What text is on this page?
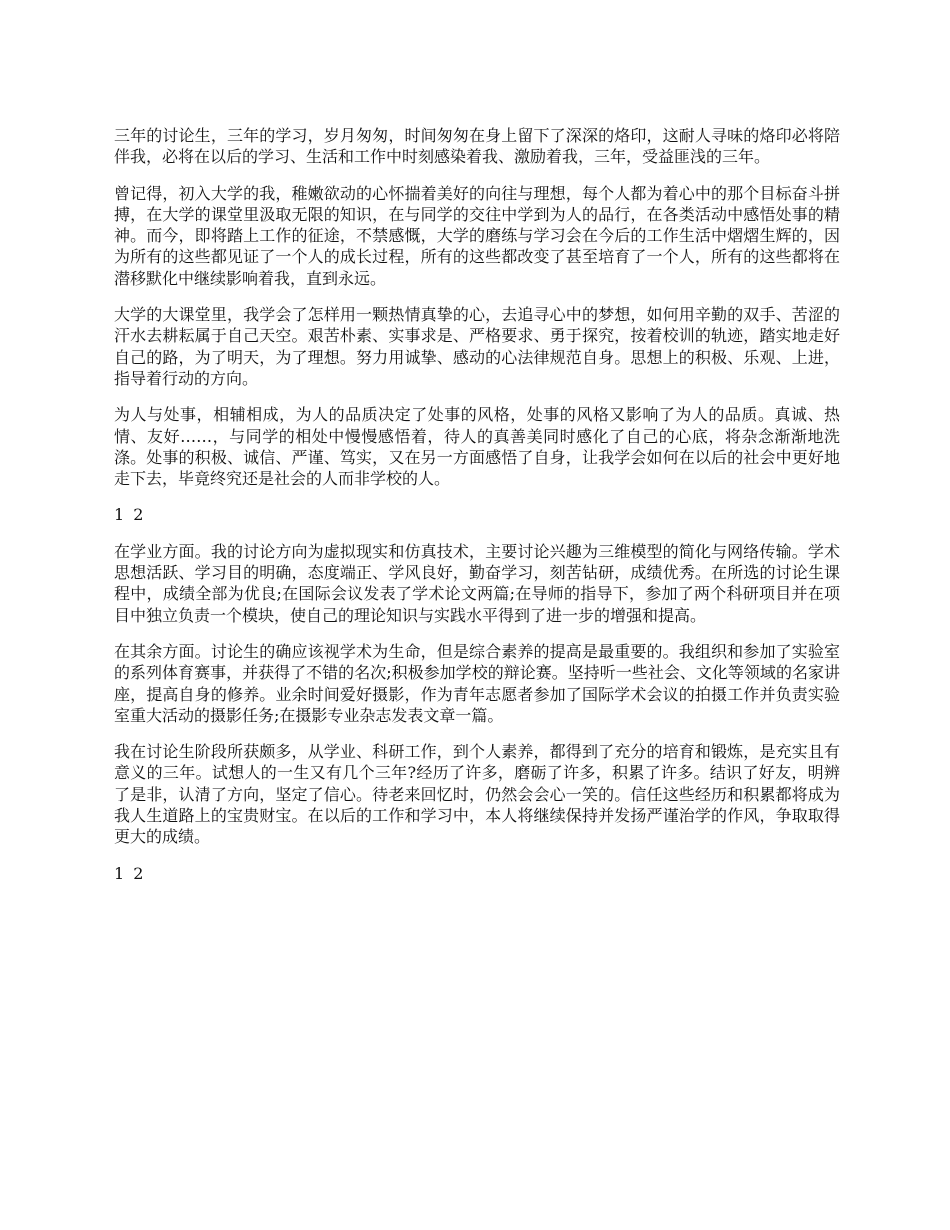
三年的讨论生，三年的学习，岁月匆匆，时间匆匆在身上留下了深深的烙印，这耐人寻味的烙印必将陪伴我，必将在以后的学习、生活和工作中时刻感染着我、激励着我，三年，受益匪浅的三年。

曾记得，初入大学的我，稚嫩欲动的心怀揣着美好的向往与理想，每个人都为着心中的那个目标奋斗拼搏，在大学的课堂里汲取无限的知识，在与同学的交往中学到为人的品行，在各类活动中感悟处事的精神。而今，即将踏上工作的征途，不禁感慨，大学的磨练与学习会在今后的工作生活中熠熠生辉的，因为所有的这些都见证了一个人的成长过程，所有的这些都改变了甚至培育了一个人，所有的这些都将在潜移默化中继续影响着我，直到永远。

大学的大课堂里，我学会了怎样用一颗热情真挚的心，去追寻心中的梦想，如何用辛勤的双手、苦涩的汗水去耕耘属于自己天空。艰苦朴素、实事求是、严格要求、勇于探究，按着校训的轨迹，踏实地走好自己的路，为了明天，为了理想。努力用诚挚、感动的心法律规范自身。思想上的积极、乐观、上进，指导着行动的方向。

为人与处事，相辅相成，为人的品质决定了处事的风格，处事的风格又影响了为人的品质。真诚、热情、友好……，与同学的相处中慢慢感悟着，待人的真善美同时感化了自己的心底，将杂念渐渐地洗涤。处事的积极、诚信、严谨、笃实，又在另一方面感悟了自身，让我学会如何在以后的社会中更好地走下去，毕竟终究还是社会的人而非学校的人。

1 2

在学业方面。我的讨论方向为虚拟现实和仿真技术，主要讨论兴趣为三维模型的简化与网络传输。学术思想活跃、学习目的明确，态度端正、学风良好，勤奋学习，刻苦钻研，成绩优秀。在所选的讨论生课程中，成绩全部为优良;在国际会议发表了学术论文两篇;在导师的指导下，参加了两个科研项目并在项目中独立负责一个模块，使自己的理论知识与实践水平得到了进一步的增强和提高。

在其余方面。讨论生的确应该视学术为生命，但是综合素养的提高是最重要的。我组织和参加了实验室的系列体育赛事，并获得了不错的名次;积极参加学校的辩论赛。坚持听一些社会、文化等领域的名家讲座，提高自身的修养。业余时间爱好摄影，作为青年志愿者参加了国际学术会议的拍摄工作并负责实验室重大活动的摄影任务;在摄影专业杂志发表文章一篇。

我在讨论生阶段所获颇多，从学业、科研工作，到个人素养，都得到了充分的培育和锻炼，是充实且有意义的三年。试想人的一生又有几个三年?经历了许多，磨砺了许多，积累了许多。结识了好友，明辨了是非，认清了方向，坚定了信心。待老来回忆时，仍然会会心一笑的。信任这些经历和积累都将成为我人生道路上的宝贵财宝。在以后的工作和学习中，本人将继续保持并发扬严谨治学的作风，争取取得更大的成绩。

1 2
